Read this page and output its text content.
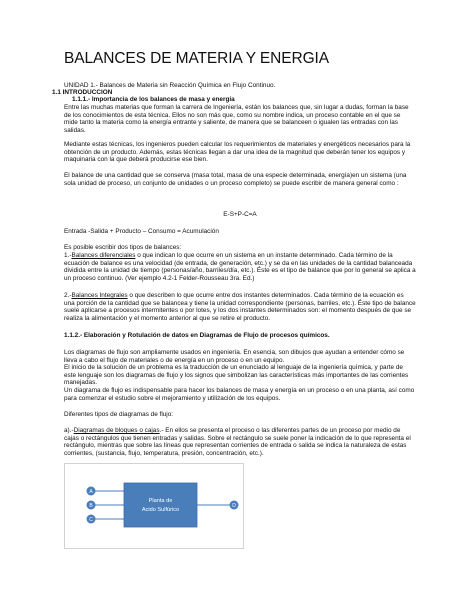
BALANCES DE MATERIA Y ENERGIA
UNIDAD 1.- Balances de Materia sin Reacción Química en Flujo Continuo.
1.1 INTRODUCCION
1.1.1.- Importancia de los balances de masa y energía

Entre las muchas materias que forman la carrera de Ingeniería, están los balances que, sin lugar a dudas, forman la base de los conocimientos de esta técnica. Ellos no son más que, como su nombre indica, un proceso contable en el que se mide tanto la materia como la energía entrante y saliente, de manera que se balanceen o igualen las entradas con las salidas.

Mediante estas técnicas, los ingenieros pueden calcular los requerimientos de materiales y energéticos necesarios para la obtención de un producto. Además, estas técnicas llegan a dar una idea de la magnitud que deberán tener los equipos y maquinaria con la que deberá producirse ese bien.

El balance de una cantidad que se conserva (masa total, masa de una especie determinada, energía)en un sistema (una sola unidad de proceso, un conjunto de unidades o un proceso completo) se puede escribir de manera general como :

E-S+P-C=A
Entrada -Salida + Producto – Consumo = Acumulación
Es posible escribir dos tipos de balances:

1.-Balances diferenciales o que indican lo que ocurre en un sistema en un instante determinado. Cada término de la ecuación de balance es una velocidad (de entrada, de generación, etc.) y se da en las unidades de la cantidad balanceada dividida entre la unidad de tiempo (personas/año, barriles/día, etc.). Éste es el tipo de balance que por lo general se aplica a un proceso continuo. (Ver ejemplo 4.2-1 Felder-Rousseau 3ra. Ed.)

2.-Balances Integrales o que describen lo que ocurre entre dos instantes determinados. Cada término de la ecuación es una porción de la cantidad que se balancea y tiene la unidad correspondiente (personas, barriles, etc.). Éste tipo de balance suele aplicarse a procesos intermitentes o por lotes, y los dos instantes determinados son: el momento después de que se realiza la alimentación y el momento anterior al que se retire el producto.

1.1.2.- Elaboración y Rotulación de datos en Diagramas de Flujo de procesos químicos.

Los diagramas de flujo son ampliamente usados en ingeniería. En esencia, son dibujos que ayudan a entender cómo se lleva a cabo el flujo de materiales o de energía en un proceso o en un equipo.

El inicio de la solución de un problema es la traducción de un enunciado al lenguaje de la ingeniería química, y parte de este lenguaje son los diagramas de flujo y los signos que simbolizan las características más importantes de las corrientes manejadas.

Un diagrama de flujo es indispensable para hacer los balances de masa y energía en un proceso o en una planta, así como para comenzar el estudio sobre el mejoramiento y utilización de los equipos.

Diferentes tipos de diagramas de flujo:

a).-Diagramas de bloques o cajas.- En ellos se presenta el proceso o las diferentes partes de un proceso por medio de cajas o rectángulos que tienen entradas y salidas. Sobre el rectángulo se suele poner la indicación de lo que representa el rectángulo, mientras que sobre las líneas que representan corrientes de entrada o salida se indica la naturaleza de estas corrientes, (sustancia, flujo, temperatura, presión, concentración, etc.).

Planta de
Acido Sulfúrico
A
B
C
D
